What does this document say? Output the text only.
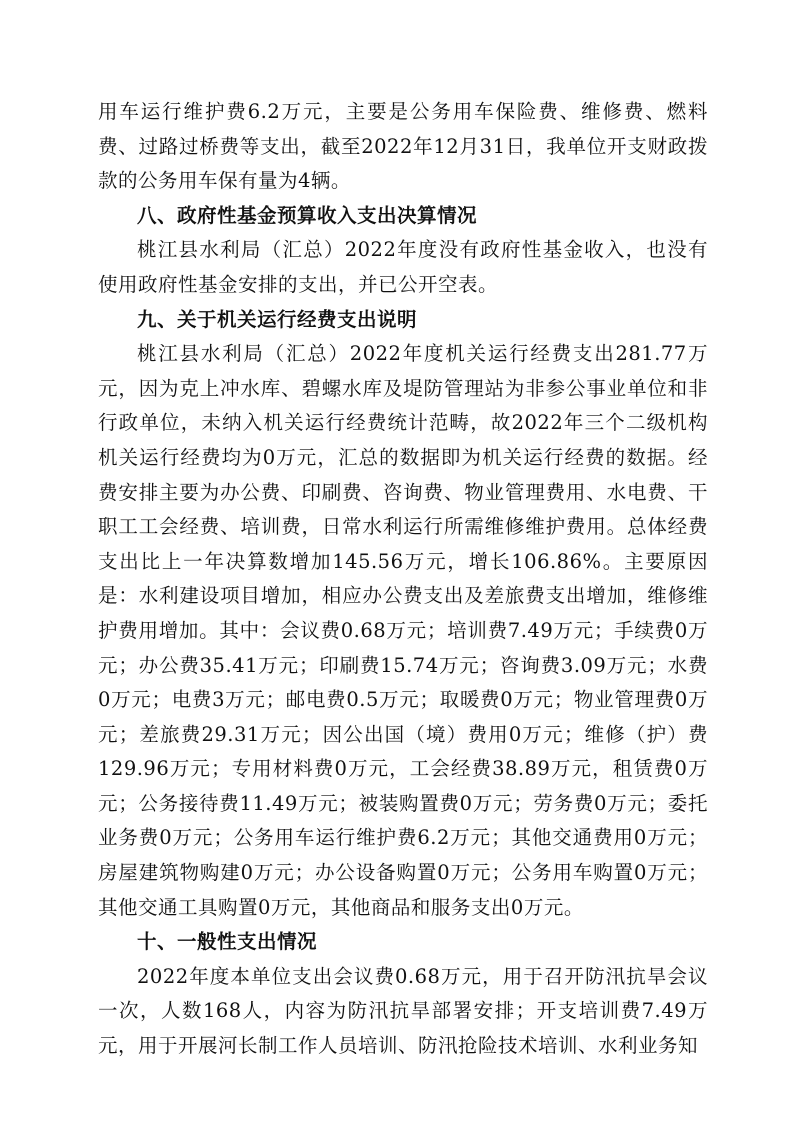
用车运行维护费6.2万元，主要是公务用车保险费、维修费、燃料费、过路过桥费等支出，截至2022年12月31日，我单位开支财政拨款的公务用车保有量为4辆。

八、政府性基金预算收入支出决算情况

桃江县水利局（汇总）2022年度没有政府性基金收入，也没有使用政府性基金安排的支出，并已公开空表。

九、关于机关运行经费支出说明

桃江县水利局（汇总）2022年度机关运行经费支出281.77万元，因为克上冲水库、碧螺水库及堤防管理站为非参公事业单位和非行政单位，未纳入机关运行经费统计范畴，故2022年三个二级机构机关运行经费均为0万元，汇总的数据即为机关运行经费的数据。经费安排主要为办公费、印刷费、咨询费、物业管理费用、水电费、干职工工会经费、培训费，日常水利运行所需维修维护费用。总体经费支出比上一年决算数增加145.56万元，增长106.86%。主要原因是：水利建设项目增加，相应办公费支出及差旅费支出增加，维修维护费用增加。其中：会议费0.68万元；培训费7.49万元；手续费0万元；办公费35.41万元；印刷费15.74万元；咨询费3.09万元；水费0万元；电费3万元；邮电费0.5万元；取暖费0万元；物业管理费0万元；差旅费29.31万元；因公出国（境）费用0万元；维修（护）费129.96万元；专用材料费0万元，工会经费38.89万元，租赁费0万元；公务接待费11.49万元；被装购置费0万元；劳务费0万元；委托业务费0万元；公务用车运行维护费6.2万元；其他交通费用0万元；房屋建筑物购建0万元；办公设备购置0万元；公务用车购置0万元；其他交通工具购置0万元，其他商品和服务支出0万元。

十、一般性支出情况

2022年度本单位支出会议费0.68万元，用于召开防汛抗旱会议一次，人数168人，内容为防汛抗旱部署安排；开支培训费7.49万元，用于开展河长制工作人员培训、防汛抢险技术培训、水利业务知
